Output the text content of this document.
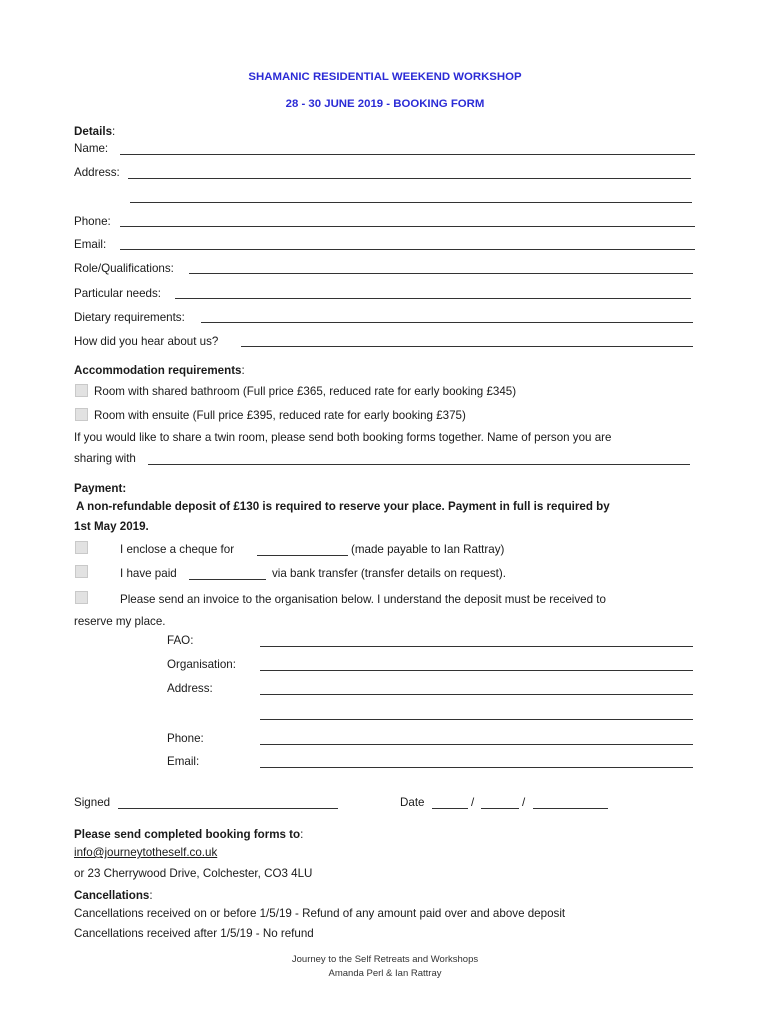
SHAMANIC RESIDENTIAL WEEKEND WORKSHOP
28 - 30 JUNE 2019 - BOOKING FORM
Details:
Name:
Address:
Phone:
Email:
Role/Qualifications:
Particular needs:
Dietary requirements:
How did you hear about us?
Accommodation requirements:
Room with shared bathroom (Full price £365, reduced rate for early booking £345)
Room with ensuite (Full price £395, reduced rate for early booking £375)
If you would like to share a twin room, please send both booking forms together. Name of person you are
sharing with
Payment:
A non-refundable deposit of £130 is required to reserve your place. Payment in full is required by
1st May 2019.
I enclose a cheque for	(made payable to Ian Rattray)
I have paid	via bank transfer (transfer details on request).
Please send an invoice to the organisation below. I understand the deposit must be received to
reserve my place.
FAO:
Organisation:
Address:
Phone:
Email:
Signed	Date	/	/
Please send completed booking forms to:
info@journeytotheself.co.uk
or 23 Cherrywood Drive, Colchester, CO3 4LU
Cancellations:
Cancellations received on or before 1/5/19 - Refund of any amount paid over and above deposit
Cancellations received after 1/5/19 - No refund
Journey to the Self Retreats and Workshops
Amanda Perl & Ian Rattray
